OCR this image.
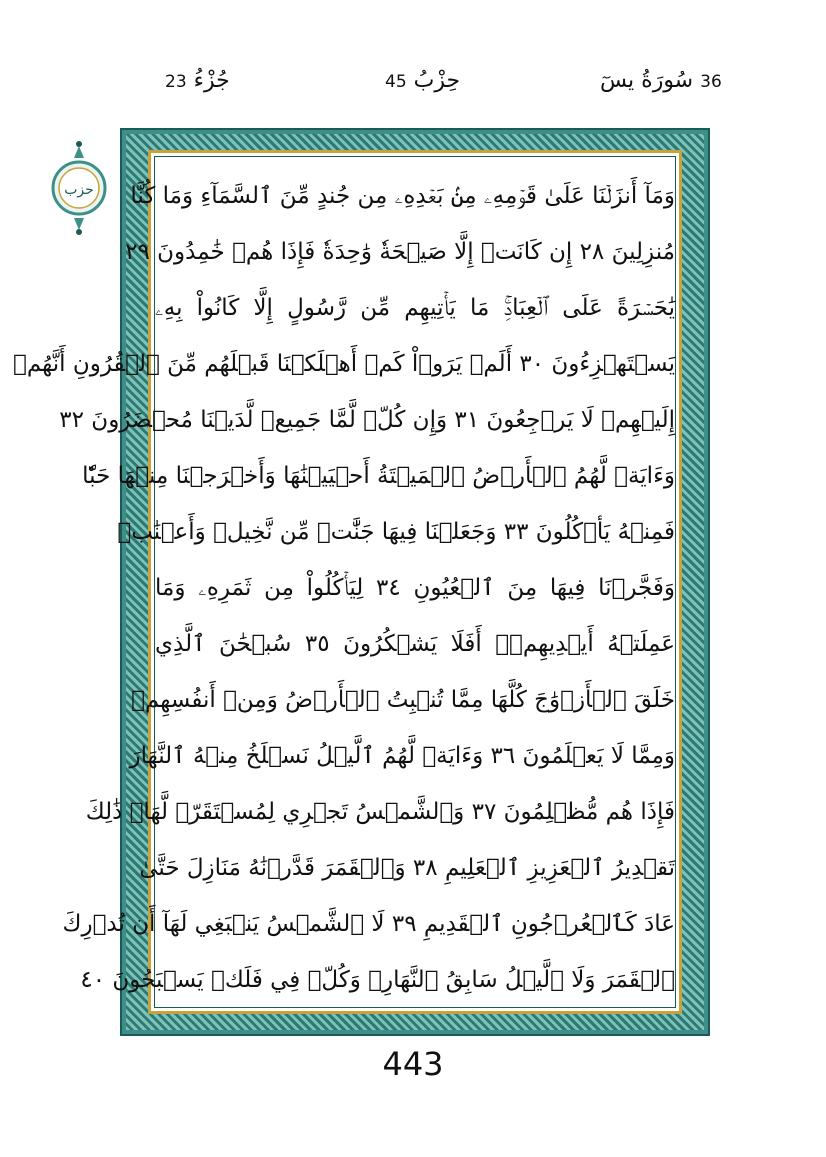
جُزْءُ 23	حِزْبُ 45	36 سُورَةُ يسٓ
حزب وَمَآ أَنزَلۡنَا عَلَىٰ قَوۡمِهِۦ مِنۢ بَعۡدِهِۦ مِن جُندٍ مِّنَ ٱلسَّمَآءِ وَمَا كُنَّا
مُنزِلِينَ ٢٨ إِن كَانَتۡ إِلَّا صَيۡحَةٗ وَٰحِدَةٗ فَإِذَا هُمۡ خَٰمِدُونَ ٢٩
يَٰحَسۡرَةً عَلَى ٱلۡعِبَادِۚ مَا يَأۡتِيهِم مِّن رَّسُولٍ إِلَّا كَانُواْ بِهِۦ
يَسۡتَهۡزِءُونَ ٣٠ أَلَمۡ يَرَوۡاْ كَمۡ أَهۡلَكۡنَا قَبۡلَهُم مِّنَ ٱلۡقُرُونِ أَنَّهُمۡ
إِلَيۡهِمۡ لَا يَرۡجِعُونَ ٣١ وَإِن كُلّٞ لَّمَّا جَمِيعٞ لَّدَيۡنَا مُحۡضَرُونَ ٣٢
وَءَايَةٞ لَّهُمُ ٱلۡأَرۡضُ ٱلۡمَيۡتَةُ أَحۡيَيۡنَٰهَا وَأَخۡرَجۡنَا مِنۡهَا حَبّٗا
فَمِنۡهُ يَأۡكُلُونَ ٣٣ وَجَعَلۡنَا فِيهَا جَنَّٰتٖ مِّن نَّخِيلٖ وَأَعۡنَٰبٖ
وَفَجَّرۡنَا فِيهَا مِنَ ٱلۡعُيُونِ ٣٤ لِيَأۡكُلُواْ مِن ثَمَرِهِۦ وَمَا
عَمِلَتۡهُ أَيۡدِيهِمۡۚ أَفَلَا يَشۡكُرُونَ ٣٥ سُبۡحَٰنَ ٱلَّذِي
خَلَقَ ٱلۡأَزۡوَٰجَ كُلَّهَا مِمَّا تُنۢبِتُ ٱلۡأَرۡضُ وَمِنۡ أَنفُسِهِمۡ
وَمِمَّا لَا يَعۡلَمُونَ ٣٦ وَءَايَةٞ لَّهُمُ ٱلَّيۡلُ نَسۡلَخُ مِنۡهُ ٱلنَّهَارَ
فَإِذَا هُم مُّظۡلِمُونَ ٣٧ وَٱلشَّمۡسُ تَجۡرِي لِمُسۡتَقَرّٖ لَّهَاۚ ذَٰلِكَ
تَقۡدِيرُ ٱلۡعَزِيزِ ٱلۡعَلِيمِ ٣٨ وَٱلۡقَمَرَ قَدَّرۡنَٰهُ مَنَازِلَ حَتَّىٰ
عَادَ كَٱلۡعُرۡجُونِ ٱلۡقَدِيمِ ٣٩ لَا ٱلشَّمۡسُ يَنۢبَغِي لَهَآ أَن تُدۡرِكَ
ٱلۡقَمَرَ وَلَا ٱلَّيۡلُ سَابِقُ ٱلنَّهَارِۚ وَكُلّٞ فِي فَلَكٖ يَسۡبَحُونَ ٤٠
443
